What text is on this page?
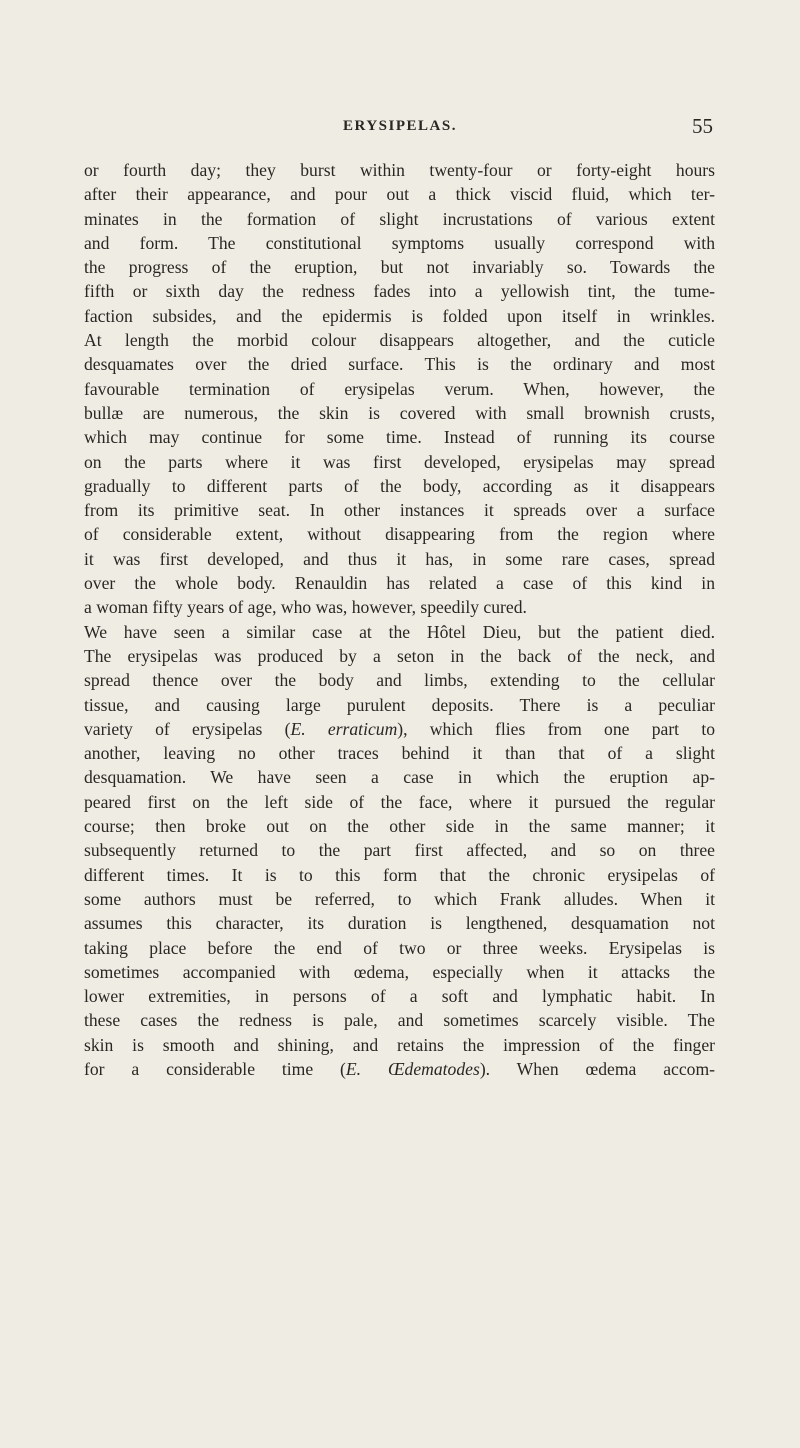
ERYSIPELAS.	55
or fourth day; they burst within twenty-four or forty-eight hours
after their appearance, and pour out a thick viscid fluid, which ter-
minates in the formation of slight incrustations of various extent
and form. The constitutional symptoms usually correspond with
the progress of the eruption, but not invariably so. Towards the
fifth or sixth day the redness fades into a yellowish tint, the tume-
faction subsides, and the epidermis is folded upon itself in wrinkles.
At length the morbid colour disappears altogether, and the cuticle
desquamates over the dried surface. This is the ordinary and most
favourable termination of erysipelas verum. When, however, the
bullæ are numerous, the skin is covered with small brownish crusts,
which may continue for some time. Instead of running its course
on the parts where it was first developed, erysipelas may spread
gradually to different parts of the body, according as it disappears
from its primitive seat. In other instances it spreads over a surface
of considerable extent, without disappearing from the region where
it was first developed, and thus it has, in some rare cases, spread
over the whole body. Renauldin has related a case of this kind in
a woman fifty years of age, who was, however, speedily cured.
We have seen a similar case at the Hôtel Dieu, but the patient died.
The erysipelas was produced by a seton in the back of the neck, and
spread thence over the body and limbs, extending to the cellular
tissue, and causing large purulent deposits. There is a peculiar
variety of erysipelas (E. erraticum), which flies from one part to
another, leaving no other traces behind it than that of a slight
desquamation. We have seen a case in which the eruption ap-
peared first on the left side of the face, where it pursued the regular
course; then broke out on the other side in the same manner; it
subsequently returned to the part first affected, and so on three
different times. It is to this form that the chronic erysipelas of
some authors must be referred, to which Frank alludes. When it
assumes this character, its duration is lengthened, desquamation not
taking place before the end of two or three weeks. Erysipelas is
sometimes accompanied with œdema, especially when it attacks the
lower extremities, in persons of a soft and lymphatic habit. In
these cases the redness is pale, and sometimes scarcely visible. The
skin is smooth and shining, and retains the impression of the finger
for a considerable time (E. Œdematodes). When œdema accom-
